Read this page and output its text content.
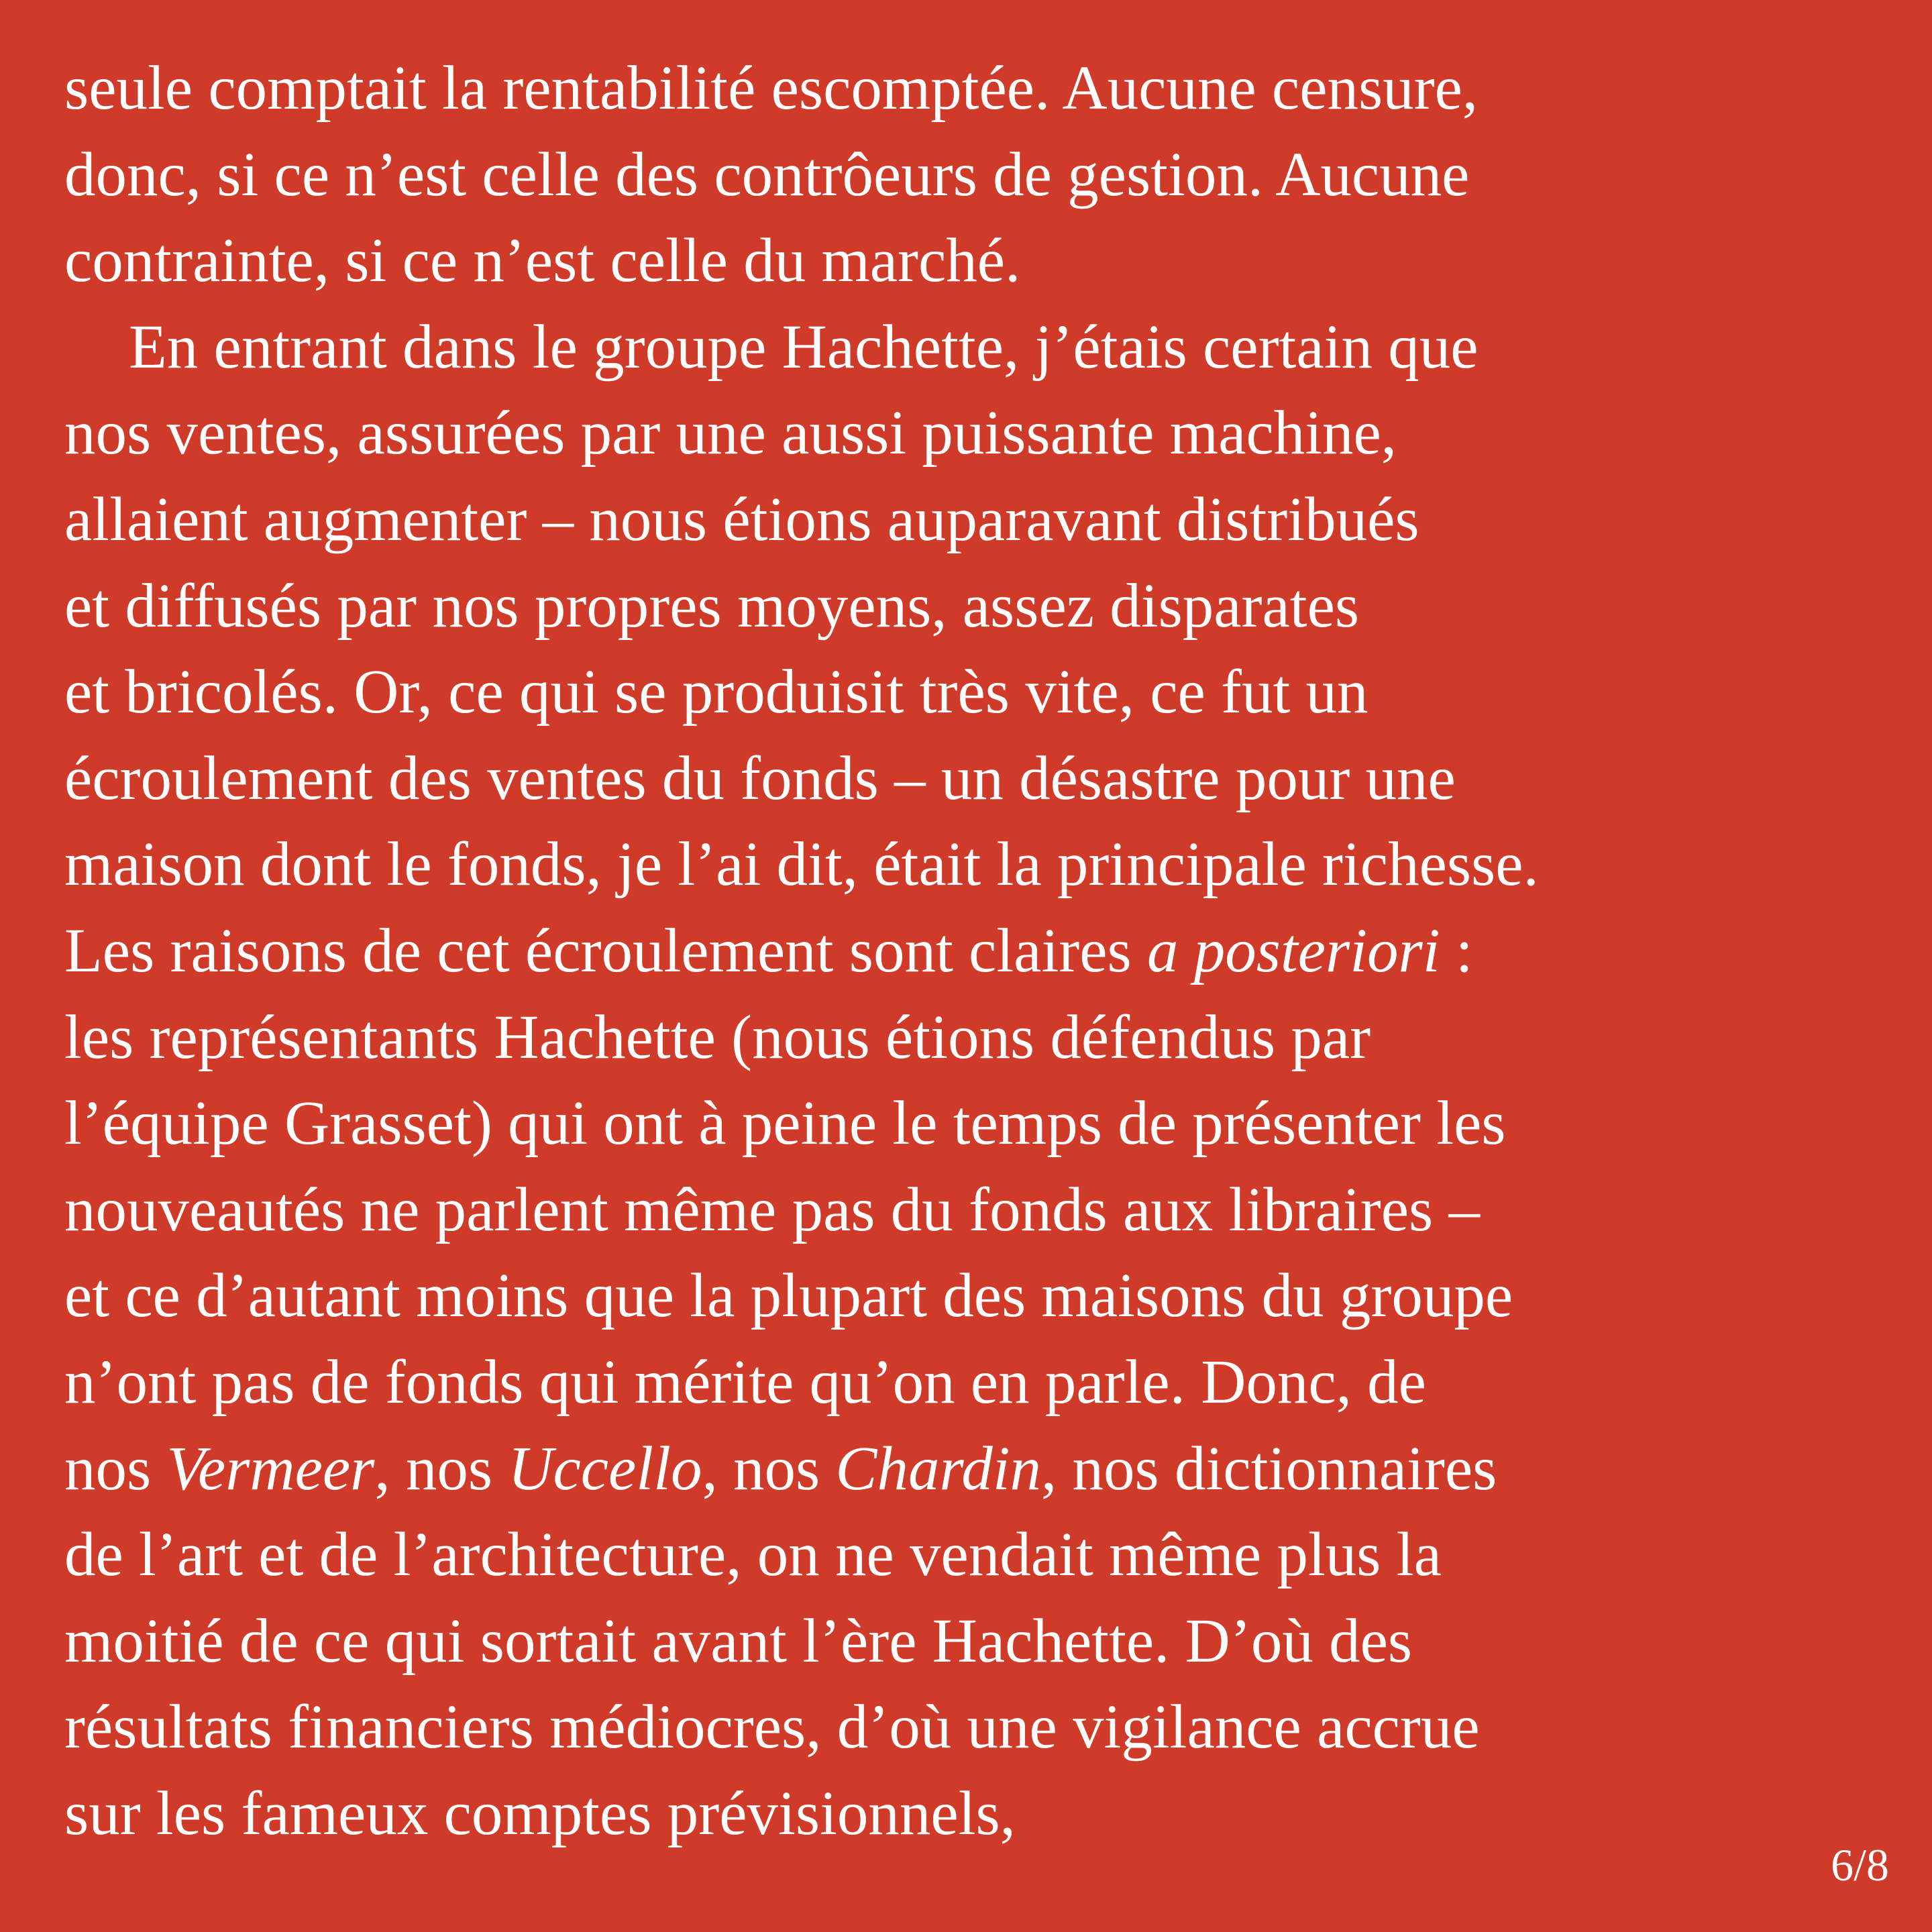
seule comptait la rentabilité escomptée. Aucune censure,
donc, si ce n’est celle des contrôeurs de gestion. Aucune
contrainte, si ce n’est celle du marché.
En entrant dans le groupe Hachette, j’étais certain que
nos ventes, assurées par une aussi puissante machine,
allaient augmenter – nous étions auparavant distribués
et diffusés par nos propres moyens, assez disparates
et bricolés. Or, ce qui se produisit très vite, ce fut un
écroulement des ventes du fonds – un désastre pour une
maison dont le fonds, je l’ai dit, était la principale richesse.
Les raisons de cet écroulement sont claires a posteriori :
les représentants Hachette (nous étions défendus par
l’équipe Grasset) qui ont à peine le temps de présenter les
nouveautés ne parlent même pas du fonds aux libraires –
et ce d’autant moins que la plupart des maisons du groupe
n’ont pas de fonds qui mérite qu’on en parle. Donc, de
nos Vermeer, nos Uccello, nos Chardin, nos dictionnaires
de l’art et de l’architecture, on ne vendait même plus la
moitié de ce qui sortait avant l’ère Hachette. D’où des
résultats financiers médiocres, d’où une vigilance accrue
sur les fameux comptes prévisionnels,
6/8
